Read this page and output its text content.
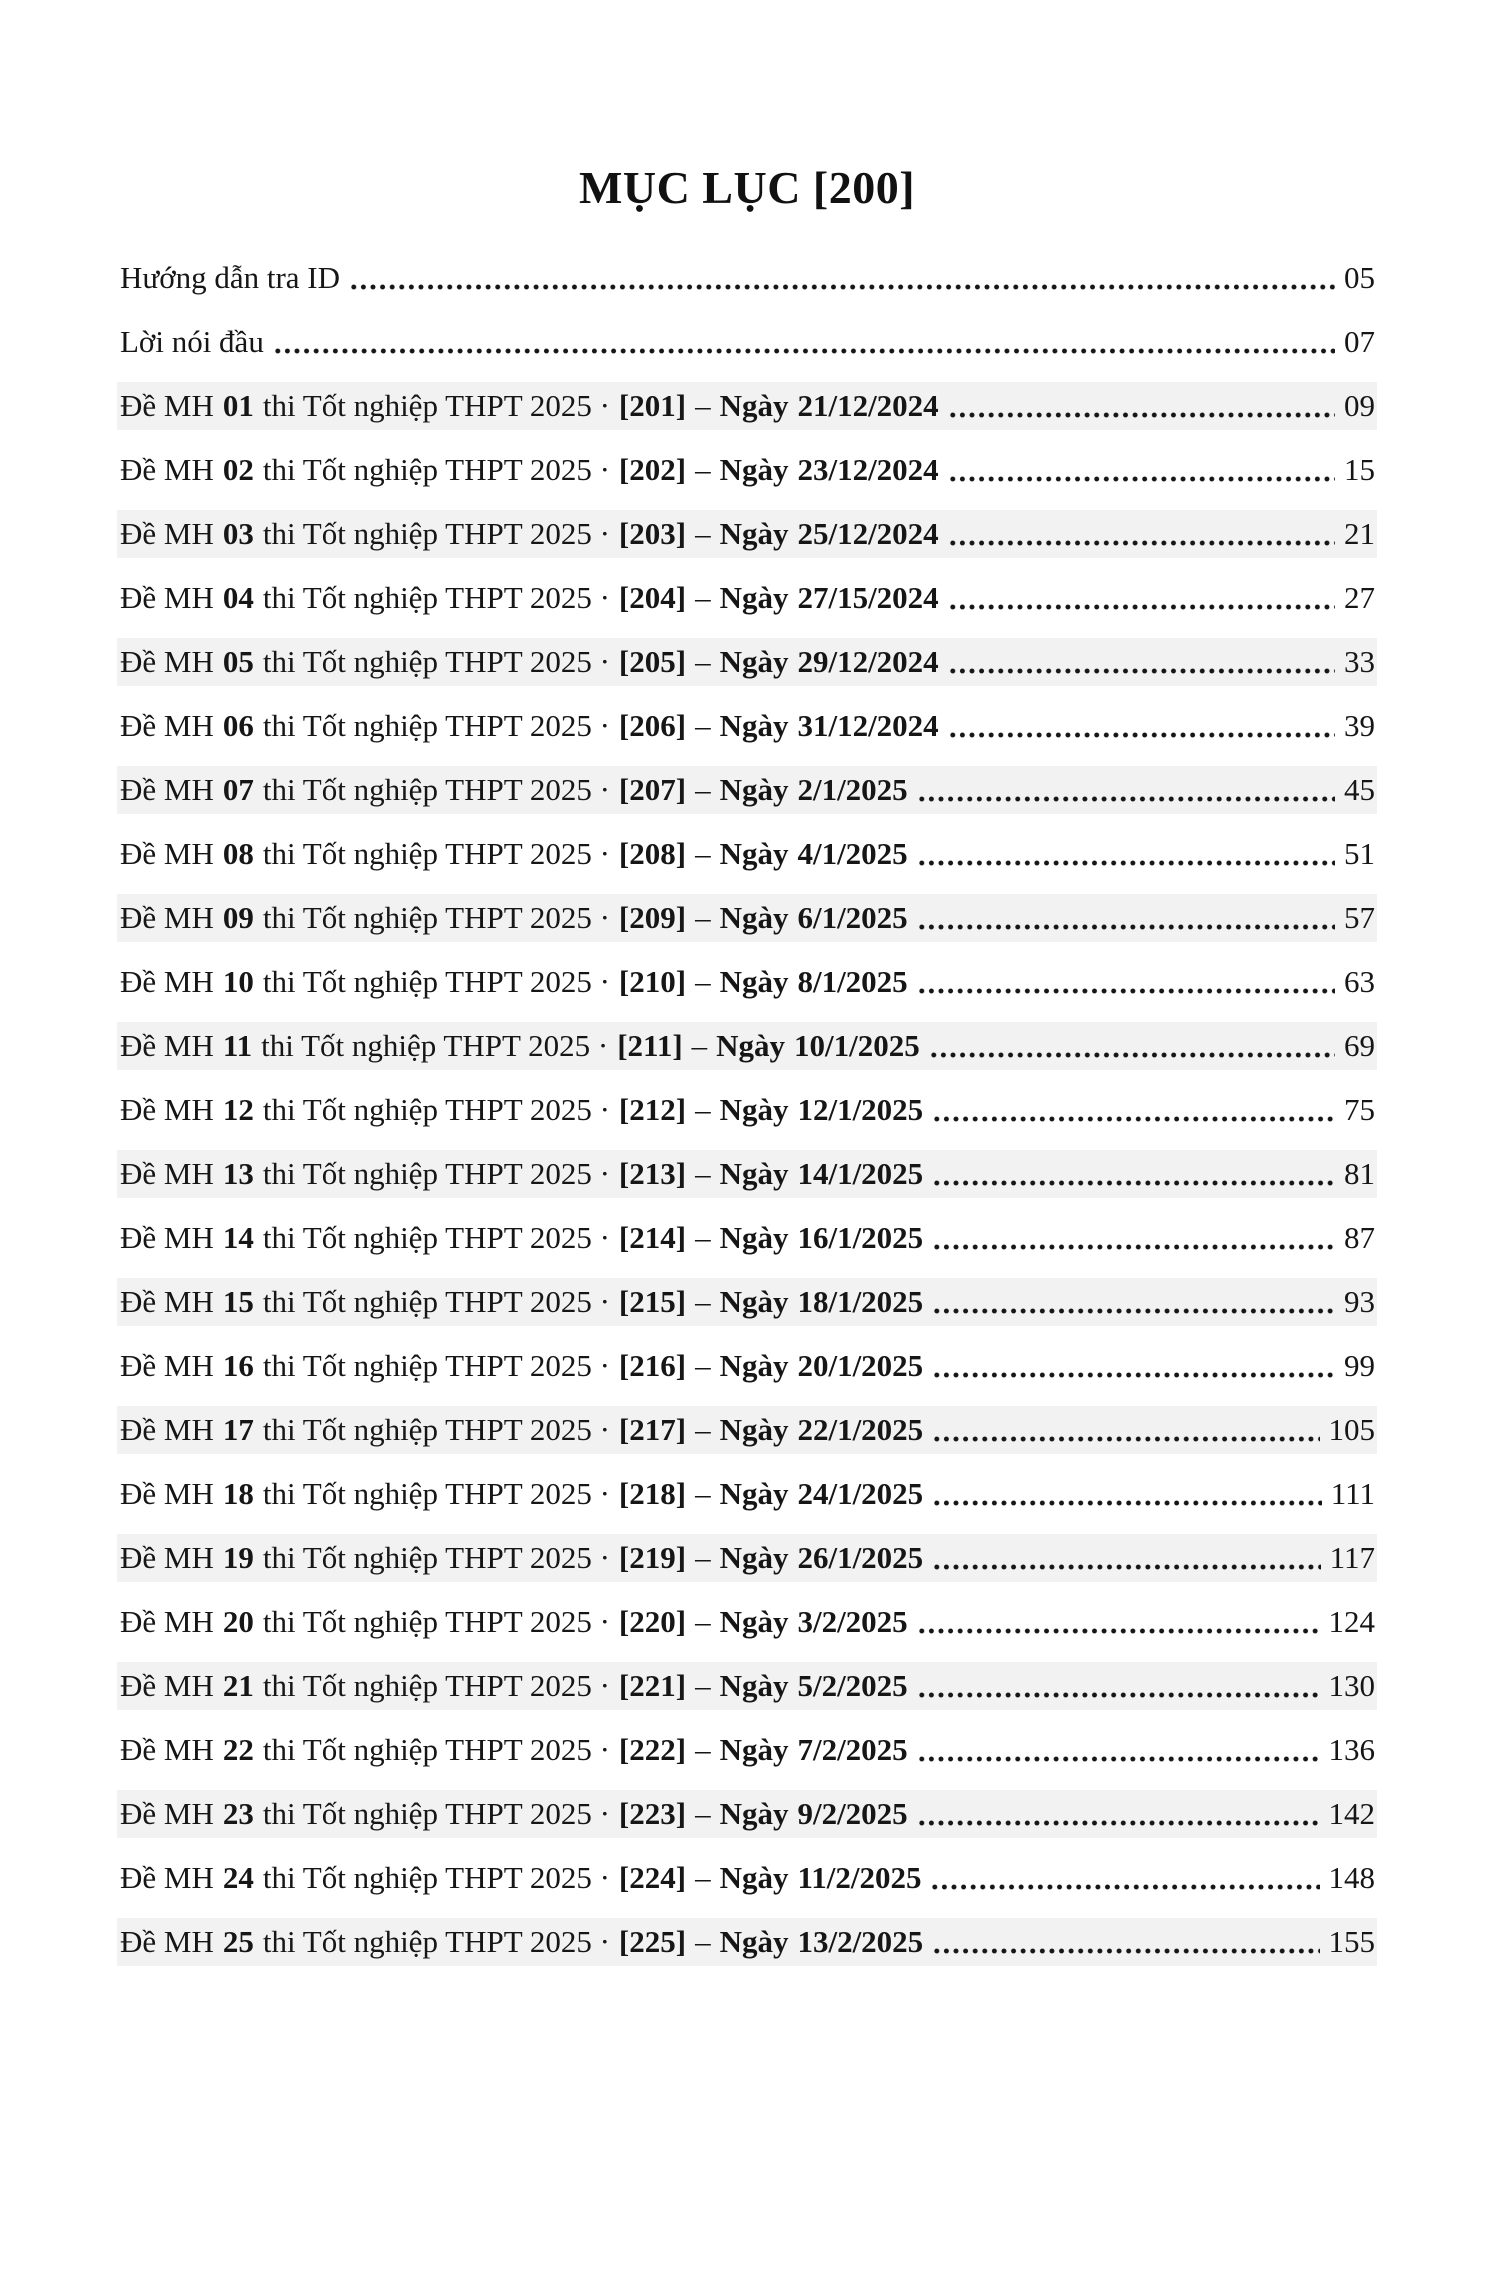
MỤC LỤC [200]
Hướng dẫn tra ID	05
Lời nói đầu	07
Đề MH 01 thi Tốt nghiệp THPT 2025 · [201] – Ngày 21/12/2024	09
Đề MH 02 thi Tốt nghiệp THPT 2025 · [202] – Ngày 23/12/2024	15
Đề MH 03 thi Tốt nghiệp THPT 2025 · [203] – Ngày 25/12/2024	21
Đề MH 04 thi Tốt nghiệp THPT 2025 · [204] – Ngày 27/15/2024	27
Đề MH 05 thi Tốt nghiệp THPT 2025 · [205] – Ngày 29/12/2024	33
Đề MH 06 thi Tốt nghiệp THPT 2025 · [206] – Ngày 31/12/2024	39
Đề MH 07 thi Tốt nghiệp THPT 2025 · [207] – Ngày 2/1/2025	45
Đề MH 08 thi Tốt nghiệp THPT 2025 · [208] – Ngày 4/1/2025	51
Đề MH 09 thi Tốt nghiệp THPT 2025 · [209] – Ngày 6/1/2025	57
Đề MH 10 thi Tốt nghiệp THPT 2025 · [210] – Ngày 8/1/2025	63
Đề MH 11 thi Tốt nghiệp THPT 2025 · [211] – Ngày 10/1/2025	69
Đề MH 12 thi Tốt nghiệp THPT 2025 · [212] – Ngày 12/1/2025	75
Đề MH 13 thi Tốt nghiệp THPT 2025 · [213] – Ngày 14/1/2025	81
Đề MH 14 thi Tốt nghiệp THPT 2025 · [214] – Ngày 16/1/2025	87
Đề MH 15 thi Tốt nghiệp THPT 2025 · [215] – Ngày 18/1/2025	93
Đề MH 16 thi Tốt nghiệp THPT 2025 · [216] – Ngày 20/1/2025	99
Đề MH 17 thi Tốt nghiệp THPT 2025 · [217] – Ngày 22/1/2025	105
Đề MH 18 thi Tốt nghiệp THPT 2025 · [218] – Ngày 24/1/2025	111
Đề MH 19 thi Tốt nghiệp THPT 2025 · [219] – Ngày 26/1/2025	117
Đề MH 20 thi Tốt nghiệp THPT 2025 · [220] – Ngày 3/2/2025	124
Đề MH 21 thi Tốt nghiệp THPT 2025 · [221] – Ngày 5/2/2025	130
Đề MH 22 thi Tốt nghiệp THPT 2025 · [222] – Ngày 7/2/2025	136
Đề MH 23 thi Tốt nghiệp THPT 2025 · [223] – Ngày 9/2/2025	142
Đề MH 24 thi Tốt nghiệp THPT 2025 · [224] – Ngày 11/2/2025	148
Đề MH 25 thi Tốt nghiệp THPT 2025 · [225] – Ngày 13/2/2025	155
